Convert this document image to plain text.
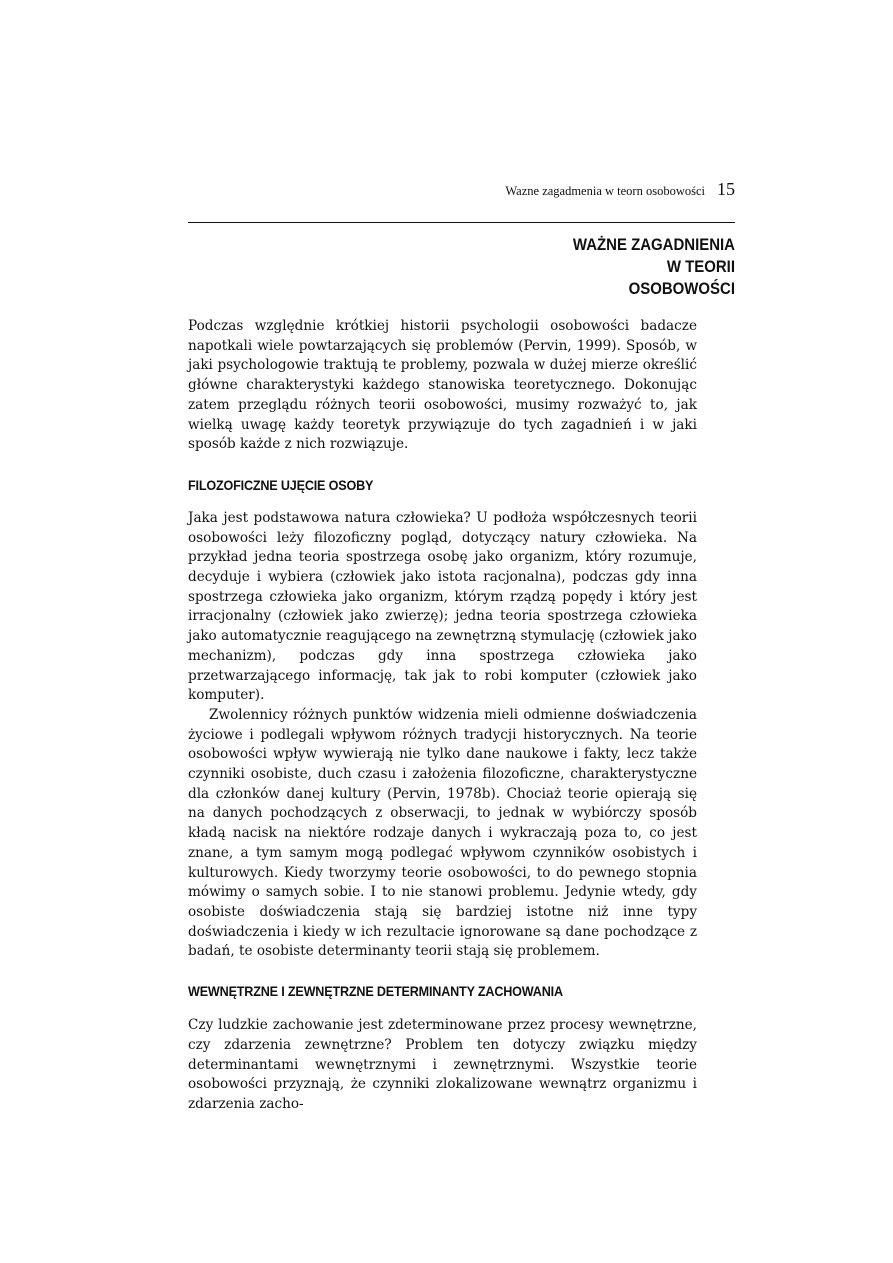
Wazne zagadmenia w teorn osobowości 15
WAŻNE ZAGADNIENIA
W TEORII
OSOBOWOŚCI

Podczas względnie krótkiej historii psychologii osobowości badacze napotkali wiele powtarzających się problemów (Pervin, 1999). Sposób, w jaki psychologowie traktują te problemy, pozwala w dużej mierze określić główne charakterystyki każdego stanowiska teoretycznego. Dokonując zatem przeglądu różnych teorii osobowości, musimy rozważyć to, jak wielką uwagę każdy teoretyk przywiązuje do tych zagadnień i w jaki sposób każde z nich rozwiązuje.

FILOZOFICZNE UJĘCIE OSOBY

Jaka jest podstawowa natura człowieka? U podłoża współczesnych teorii osobowości leży filozoficzny pogląd, dotyczący natury człowieka. Na przykład jedna teoria spostrzega osobę jako organizm, który rozumuje, decyduje i wybiera (człowiek jako istota racjonalna), podczas gdy inna spostrzega człowieka jako organizm, którym rządzą popędy i który jest irracjonalny (człowiek jako zwierzę); jedna teoria spostrzega człowieka jako automatycznie reagującego na zewnętrzną stymulację (człowiek jako mechanizm), podczas gdy inna spostrzega człowieka jako przetwarzającego informację, tak jak to robi komputer (człowiek jako komputer).

Zwolennicy różnych punktów widzenia mieli odmienne doświadczenia życiowe i podlegali wpływom różnych tradycji historycznych. Na teorie osobowości wpływ wywierają nie tylko dane naukowe i fakty, lecz także czynniki osobiste, duch czasu i założenia filozoficzne, charakterystyczne dla członków danej kultury (Pervin, 1978b). Chociaż teorie opierają się na danych pochodzących z obserwacji, to jednak w wybiórczy sposób kładą nacisk na niektóre rodzaje danych i wykraczają poza to, co jest znane, a tym samym mogą podlegać wpływom czynników osobistych i kulturowych. Kiedy tworzymy teorie osobowości, to do pewnego stopnia mówimy o samych sobie. I to nie stanowi problemu. Jedynie wtedy, gdy osobiste doświadczenia stają się bardziej istotne niż inne typy doświadczenia i kiedy w ich rezultacie ignorowane są dane pochodzące z badań, te osobiste determinanty teorii stają się problemem.

WEWNĘTRZNE I ZEWNĘTRZNE DETERMINANTY ZACHOWANIA

Czy ludzkie zachowanie jest zdeterminowane przez procesy wewnętrzne, czy zdarzenia zewnętrzne? Problem ten dotyczy związku między determinantami wewnętrznymi i zewnętrznymi. Wszystkie teorie osobowości przyznają, że czynniki zlokalizowane wewnątrz organizmu i zdarzenia zacho-
